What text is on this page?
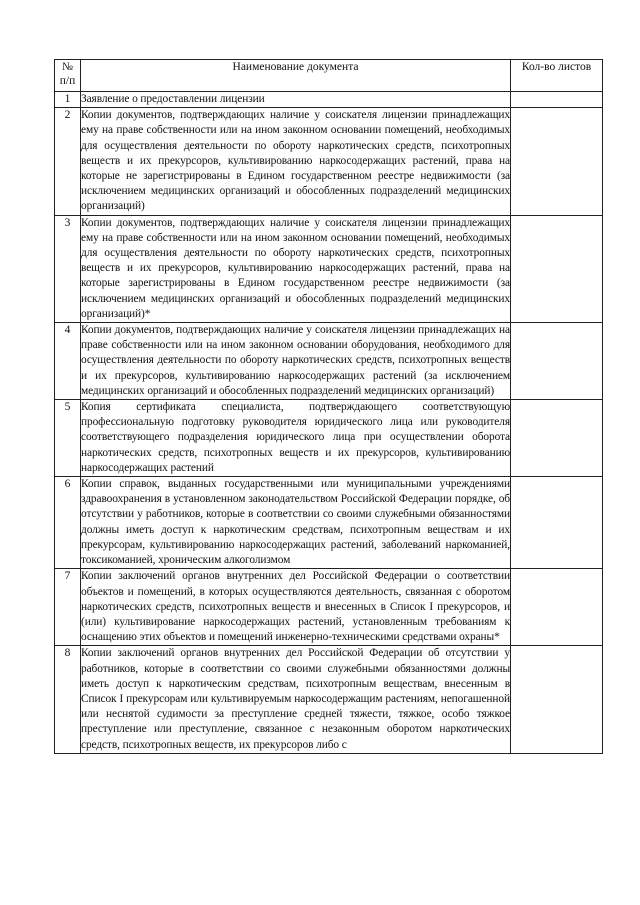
№
п/п	Наименование документа	Кол-во листов
1	Заявление о предоставлении лицензии	
2	Копии документов, подтверждающих наличие у соискателя лицензии принадлежащих ему на праве собственности или на ином законном основании помещений, необходимых для осуществления деятельности по обороту наркотических средств, психотропных веществ и их прекурсоров, культивированию наркосодержащих растений, права на которые не зарегистрированы в Едином государственном реестре недвижимости (за исключением медицинских организаций и обособленных подразделений медицинских организаций)	
3	Копии документов, подтверждающих наличие у соискателя лицензии принадлежащих ему на праве собственности или на ином законном основании помещений, необходимых для осуществления деятельности по обороту наркотических средств, психотропных веществ и их прекурсоров, культивированию наркосодержащих растений, права на которые зарегистрированы в Едином государственном реестре недвижимости (за исключением медицинских организаций и обособленных подразделений медицинских организаций)*	
4	Копии документов, подтверждающих наличие у соискателя лицензии принадлежащих на праве собственности или на ином законном основании оборудования, необходимого для осуществления деятельности по обороту наркотических средств, психотропных веществ и их прекурсоров, культивированию наркосодержащих растений (за исключением медицинских организаций и обособленных подразделений медицинских организаций)	
5	Копия сертификата специалиста, подтверждающего соответствующую профессиональную подготовку руководителя юридического лица или руководителя соответствующего подразделения юридического лица при осуществлении оборота наркотических средств, психотропных веществ и их прекурсоров, культивированию наркосодержащих растений	
6	Копии справок, выданных государственными или муниципальными учреждениями здравоохранения в установленном законодательством Российской Федерации порядке, об отсутствии у работников, которые в соответствии со своими служебными обязанностями должны иметь доступ к наркотическим средствам, психотропным веществам и их прекурсорам, культивированию наркосодержащих растений, заболеваний наркоманией, токсикоманией, хроническим алкоголизмом	
7	Копии заключений органов внутренних дел Российской Федерации о соответствии объектов и помещений, в которых осуществляются деятельность, связанная с оборотом наркотических средств, психотропных веществ и внесенных в Список I прекурсоров, и (или) культивирование наркосодержащих растений, установленным требованиям к оснащению этих объектов и помещений инженерно-техническими средствами охраны*	
8	Копии заключений органов внутренних дел Российской Федерации об отсутствии у работников, которые в соответствии со своими служебными обязанностями должны иметь доступ к наркотическим средствам, психотропным веществам, внесенным в Список I прекурсорам или культивируемым наркосодержащим растениям, непогашенной или неснятой судимости за преступление средней тяжести, тяжкое, особо тяжкое преступление или преступление, связанное с незаконным оборотом наркотических средств, психотропных веществ, их прекурсоров либо с	
